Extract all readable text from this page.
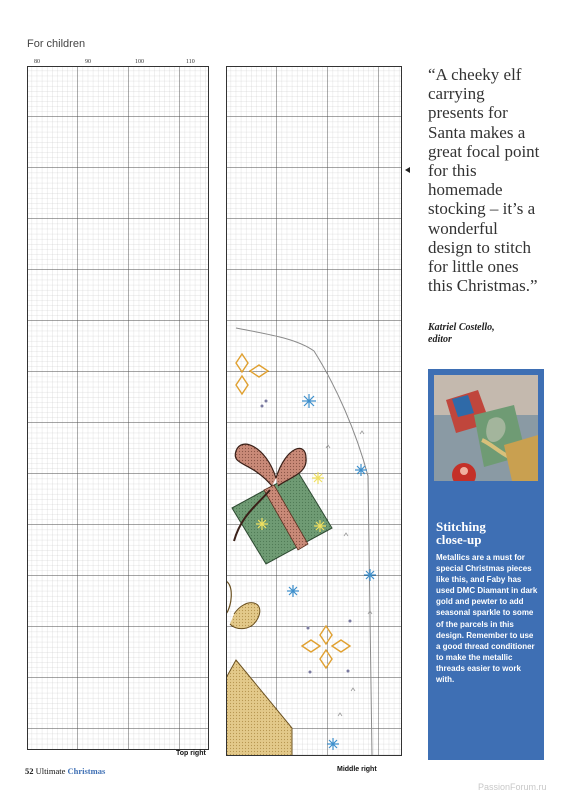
For children
80	90	100	110
Top right
Middle right
“A cheeky elf carrying presents for Santa makes a great focal point for this homemade stocking – it’s a wonderful design to stitch for little ones this Christmas.”
Katriel Costello,
editor
Stitching
close-up
Metallics are a must for special Christmas pieces like this, and Faby has used DMC Diamant in dark gold and pewter to add seasonal sparkle to some of the parcels in this design. Remember to use a good thread conditioner to make the metallic threads easier to work with.
52 Ultimate Christmas
PassionForum.ru
